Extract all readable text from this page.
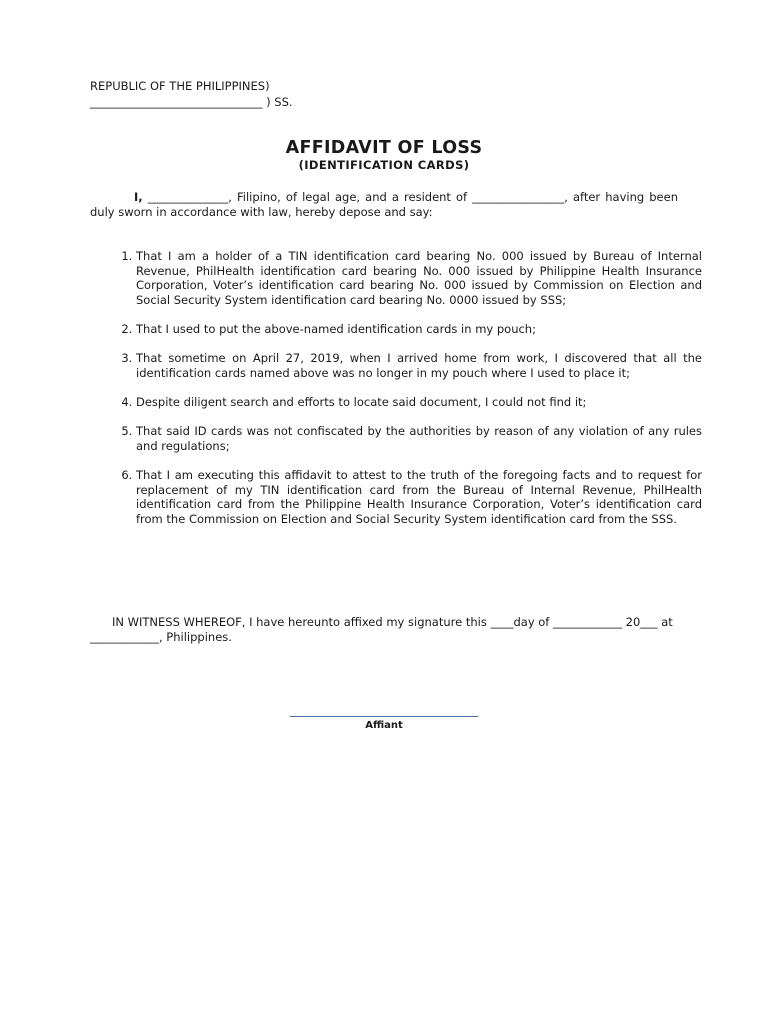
REPUBLIC OF THE PHILIPPINES)
______________________________ ) SS.
AFFIDAVIT OF LOSS
(IDENTIFICATION CARDS)
I, ______________, Filipino, of legal age, and a resident of ________________, after having been duly sworn in accordance with law, hereby depose and say:
1. That I am a holder of a TIN identification card bearing No. 000 issued by Bureau of Internal Revenue, PhilHealth identification card bearing No. 000 issued by Philippine Health Insurance Corporation, Voter’s identification card bearing No. 000 issued by Commission on Election and Social Security System identification card bearing No. 0000 issued by SSS;
2. That I used to put the above-named identification cards in my pouch;
3. That sometime on April 27, 2019, when I arrived home from work, I discovered that all the identification cards named above was no longer in my pouch where I used to place it;
4. Despite diligent search and efforts to locate said document, I could not find it;
5. That said ID cards was not confiscated by the authorities by reason of any violation of any rules and regulations;
6. That I am executing this affidavit to attest to the truth of the foregoing facts and to request for replacement of my TIN identification card from the Bureau of Internal Revenue, PhilHealth identification card from the Philippine Health Insurance Corporation, Voter’s identification card from the Commission on Election and Social Security System identification card from the SSS.
IN WITNESS WHEREOF, I have hereunto affixed my signature this ____day of ____________ 20___ at ____________, Philippines.
Affiant
